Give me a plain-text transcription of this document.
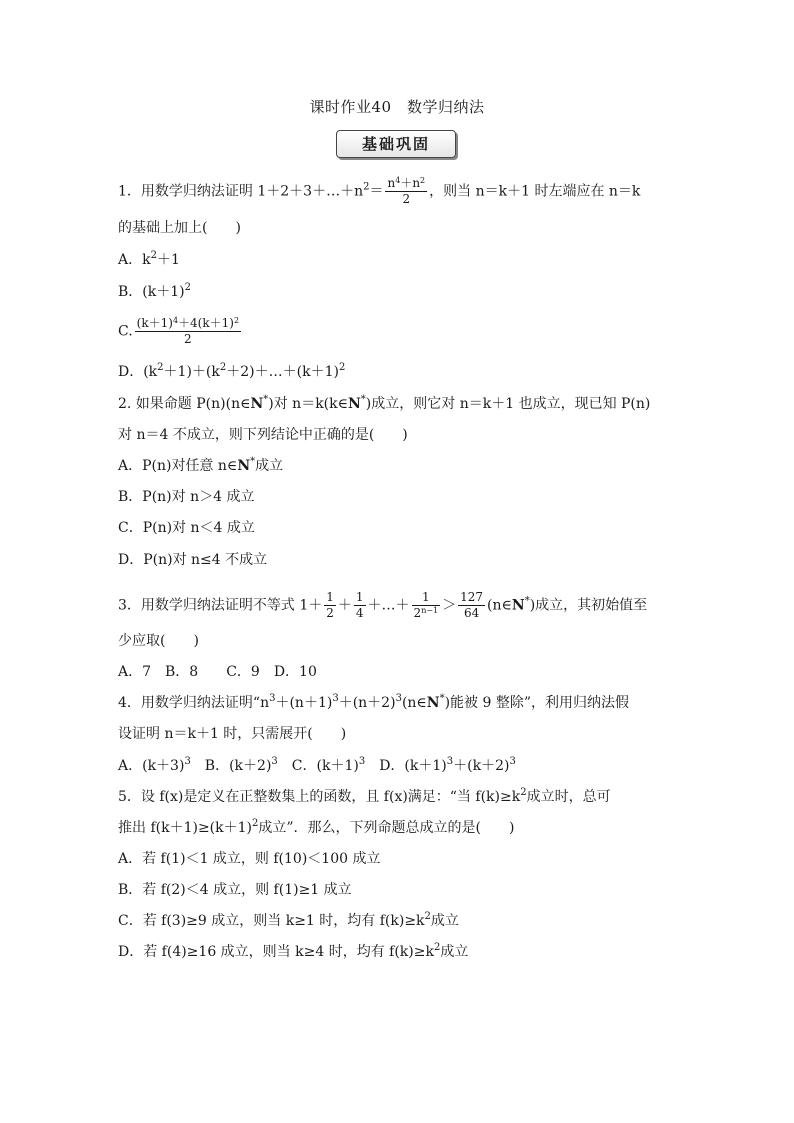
课时作业40　数学归纳法
基础巩固
1．用数学归纳法证明 $1+2+3+\dots+n^2= \frac{n^4+n^2}{2}$ ，则当 n＝k＋1 时左端应在 n＝k
的基础上加上(　　)
A．$k^2+1$
B．$(k+1)^2$
C. $\frac{(k+1)^4+4(k+1)^2}{2}$
D．$(k^2+1)+(k^2+2)+\dots+(k+1)^2$
2. 如果命题 P(n)(n∈N*)对 n＝k(k∈N*)成立，则它对 n＝k＋1 也成立，现已知 P(n)
对 n＝4 不成立，则下列结论中正确的是(　　)
A．P(n)对任意 n∈N*成立
B．P(n)对 n＞4 成立
C．P(n)对 n＜4 成立
D．P(n)对 n≤4 不成立
3．用数学归纳法证明不等式 $1+ \frac{1}{2} + \frac{1}{4}$ ＋…＋ $\frac{1}{2^{n-1}} > \frac{127}{64}$ (n∈N*)成立，其初始值至
少应取(　　)
A．7　B．8　　C．9　D．10
4．用数学归纳法证明“$n^3+(n+1)^3+(n+2)^3(n\in N^*)$能被 9 整除”，利用归纳法假
设证明 n＝k＋1 时，只需展开(　　)
A．$(k+3)^3$　B．$(k+2)^3$　C．$(k+1)^3$　D．$(k+1)^3+(k+2)^3$
5．设 f(x)是定义在正整数集上的函数，且 f(x)满足：“当 $f(k)\ge k^2$成立时，总可
推出 $f(k+1)\ge(k+1)^2$成立”．那么，下列命题总成立的是(　　)
A．若 f(1)＜1 成立，则 f(10)＜100 成立
B．若 f(2)＜4 成立，则 f(1)≥1 成立
C．若 f(3)≥9 成立，则当 k≥1 时，均有 $f(k)\ge k^2$成立
D．若 f(4)≥16 成立，则当 k≥4 时，均有 $f(k)\ge k^2$成立
